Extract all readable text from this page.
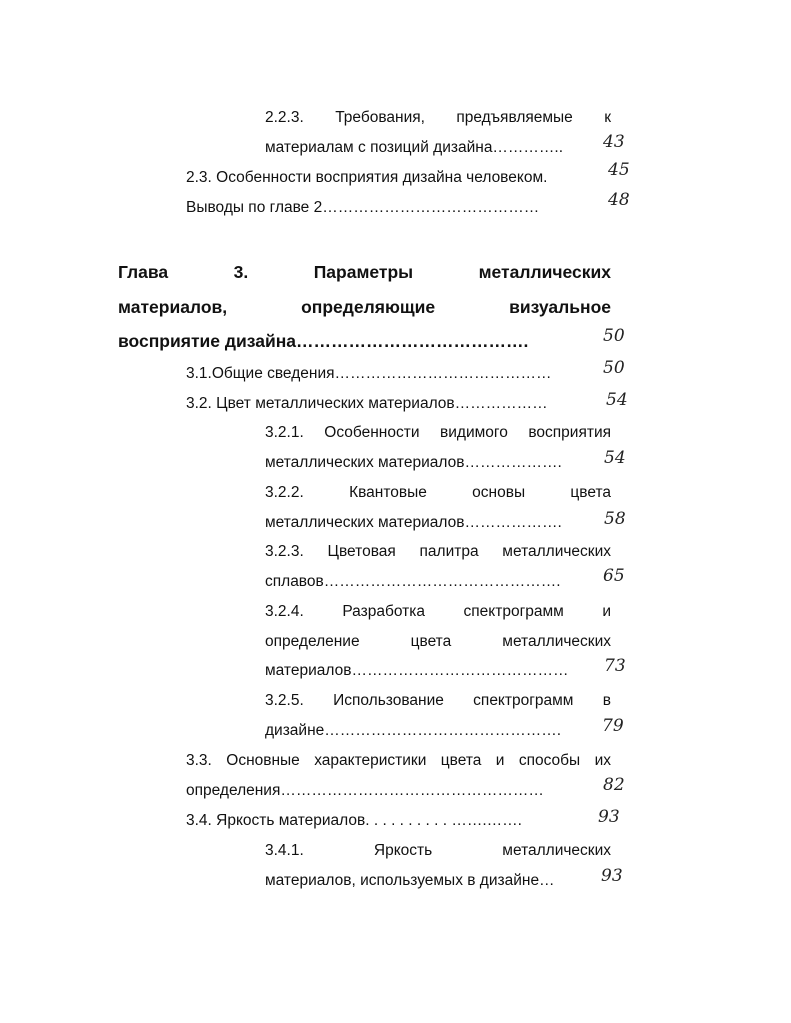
2.2.3. Требования, предъявляемые к
материалам с позиций дизайна………….. 43
2.3. Особенности восприятия дизайна человеком.	45
Выводы по главе 2……………………………………	48
Глава 3. Параметры металлических
материалов, определяющие визуальное
восприятие дизайна………………………………….	50
3.1.Общие сведения……………………………………	50
3.2. Цвет металлических материалов………………	54
3.2.1. Особенности видимого восприятия
металлических материалов………………. 54
3.2.2. Квантовые основы цвета
металлических материалов………………. 58
3.2.3. Цветовая палитра металлических
сплавов………………………………………. 65
3.2.4. Разработка спектрограмм и
определение цвета металлических
материалов…………………………………… 73
3.2.5. Использование спектрограмм в
дизайне………………………………………. 79
3.3. Основные характеристики цвета и способы их
определения……………………………………………	82
3.4. Яркость материалов. . . . . . . . . . …….…….	93
3.4.1. Яркость металлических
материалов, используемых в дизайне…	93
